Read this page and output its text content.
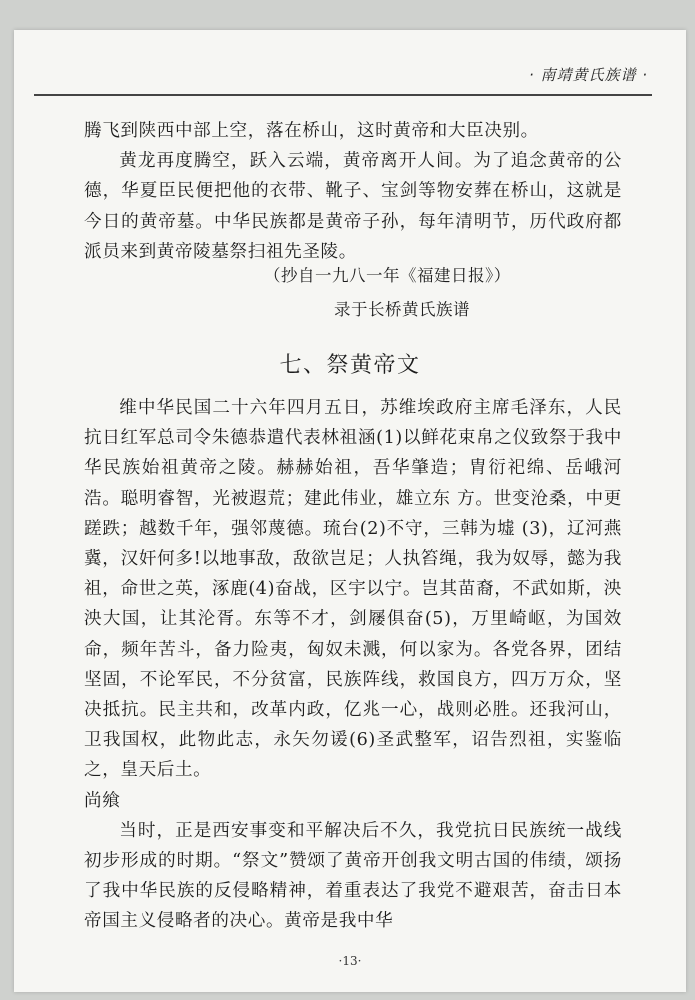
· 南靖黄氏族谱 ·

腾飞到陕西中部上空，落在桥山，这时黄帝和大臣决别。

黄龙再度腾空，跃入云端，黄帝离开人间。为了追念黄帝的公德，华夏臣民便把他的衣带、靴子、宝剑等物安葬在桥山，这就是今日的黄帝墓。中华民族都是黄帝子孙，每年清明节，历代政府都派员来到黄帝陵墓祭扫祖先圣陵。

（抄自一九八一年《福建日报》）
录于长桥黄氏族谱
七、祭黄帝文

维中华民国二十六年四月五日，苏维埃政府主席毛泽东，人民抗日红军总司令朱德恭遣代表林祖涵(1)以鲜花束帛之仪致祭于我中华民族始祖黄帝之陵。赫赫始祖，吾华肇造；胄衍祀绵、岳峨河浩。聪明睿智，光被遐荒；建此伟业，雄立东 方。世变沧桑，中更蹉跌；越数千年，强邻蔑德。琉台(2)不守，三韩为墟 (3)，辽河燕冀，汉奸何多!以地事敌，敌欲岂足；人执笞绳，我为奴辱，懿为我祖，命世之英，涿鹿(4)奋战，区宇以宁。岂其苗裔，不武如斯，泱泱大国，让其沦胥。东等不才，剑屦俱奋(5)，万里崎岖，为国效命，频年苦斗，备力险夷，匈奴未溅，何以家为。各党各界，团结坚固，不论军民，不分贫富，民族阵线，救国良方，四万万众，坚决抵抗。民主共和，改革内政，亿兆一心，战则必胜。还我河山，卫我国权，此物此志，永矢勿谖(6)圣武整军，诏告烈祖，实鉴临之，皇天后土。

尚飨

当时，正是西安事变和平解决后不久，我党抗日民族统一战线初步形成的时期。“祭文”赞颂了黄帝开创我文明古国的伟绩，颂扬了我中华民族的反侵略精神，着重表达了我党不避艰苦，奋击日本帝国主义侵略者的决心。黄帝是我中华

·13·
